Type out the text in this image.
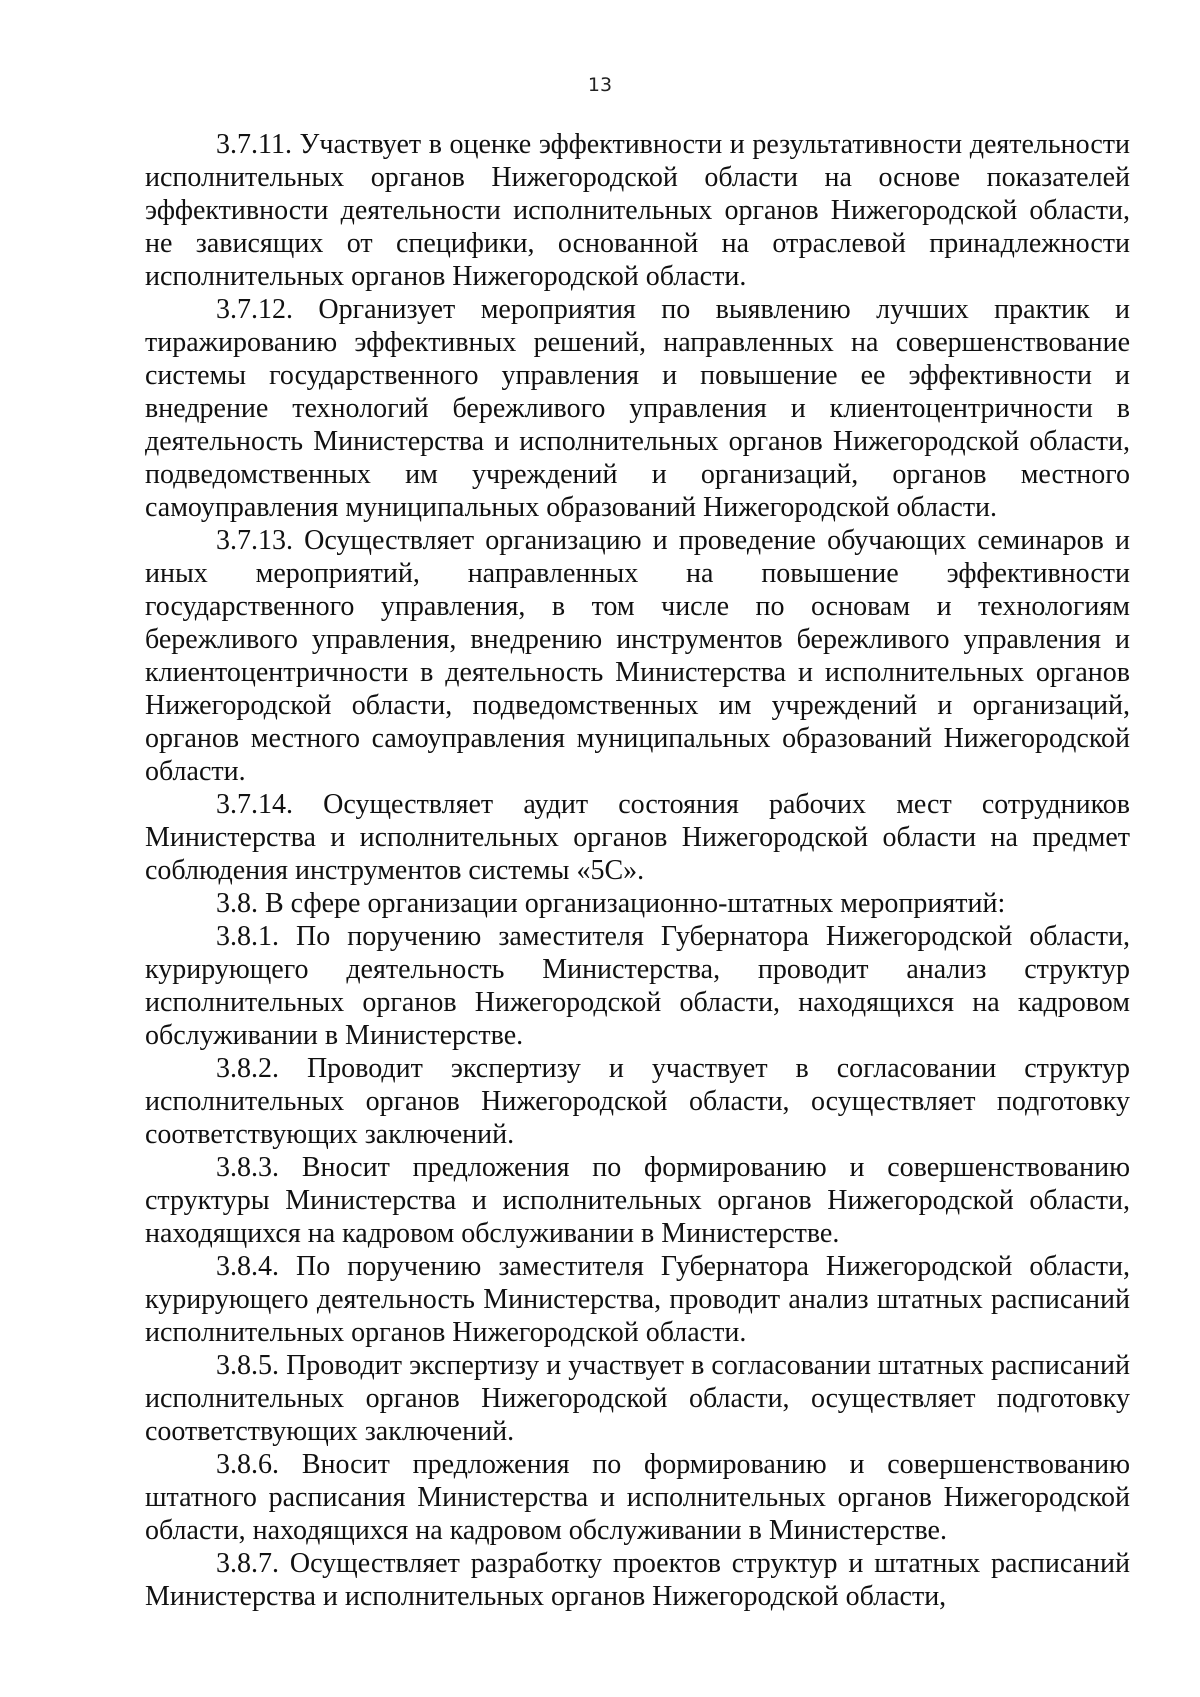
13

3.7.11. Участвует в оценке эффективности и результативности деятельности исполнительных органов Нижегородской области на основе показателей эффективности деятельности исполнительных органов Нижегородской области, не зависящих от специфики, основанной на отраслевой принадлежности исполнительных органов Нижегородской области.

3.7.12. Организует мероприятия по выявлению лучших практик и тиражированию эффективных решений, направленных на совершенствование системы государственного управления и повышение ее эффективности и внедрение технологий бережливого управления и клиентоцентричности в деятельность Министерства и исполнительных органов Нижегородской области, подведомственных им учреждений и организаций, органов местного самоуправления муниципальных образований Нижегородской области.

3.7.13. Осуществляет организацию и проведение обучающих семинаров и иных мероприятий, направленных на повышение эффективности государственного управления, в том числе по основам и технологиям бережливого управления, внедрению инструментов бережливого управления и клиентоцентричности в деятельность Министерства и исполнительных органов Нижегородской области, подведомственных им учреждений и организаций, органов местного самоуправления муниципальных образований Нижегородской области.

3.7.14. Осуществляет аудит состояния рабочих мест сотрудников Министерства и исполнительных органов Нижегородской области на предмет соблюдения инструментов системы «5С».

3.8. В сфере организации организационно-штатных мероприятий:

3.8.1. По поручению заместителя Губернатора Нижегородской области, курирующего деятельность Министерства, проводит анализ структур исполнительных органов Нижегородской области, находящихся на кадровом обслуживании в Министерстве.

3.8.2. Проводит экспертизу и участвует в согласовании структур исполнительных органов Нижегородской области, осуществляет подготовку соответствующих заключений.

3.8.3. Вносит предложения по формированию и совершенствованию структуры Министерства и исполнительных органов Нижегородской области, находящихся на кадровом обслуживании в Министерстве.

3.8.4. По поручению заместителя Губернатора Нижегородской области, курирующего деятельность Министерства, проводит анализ штатных расписаний исполнительных органов Нижегородской области.

3.8.5. Проводит экспертизу и участвует в согласовании штатных расписаний исполнительных органов Нижегородской области, осуществляет подготовку соответствующих заключений.

3.8.6. Вносит предложения по формированию и совершенствованию штатного расписания Министерства и исполнительных органов Нижегородской области, находящихся на кадровом обслуживании в Министерстве.

3.8.7. Осуществляет разработку проектов структур и штатных расписаний Министерства и исполнительных органов Нижегородской области,
